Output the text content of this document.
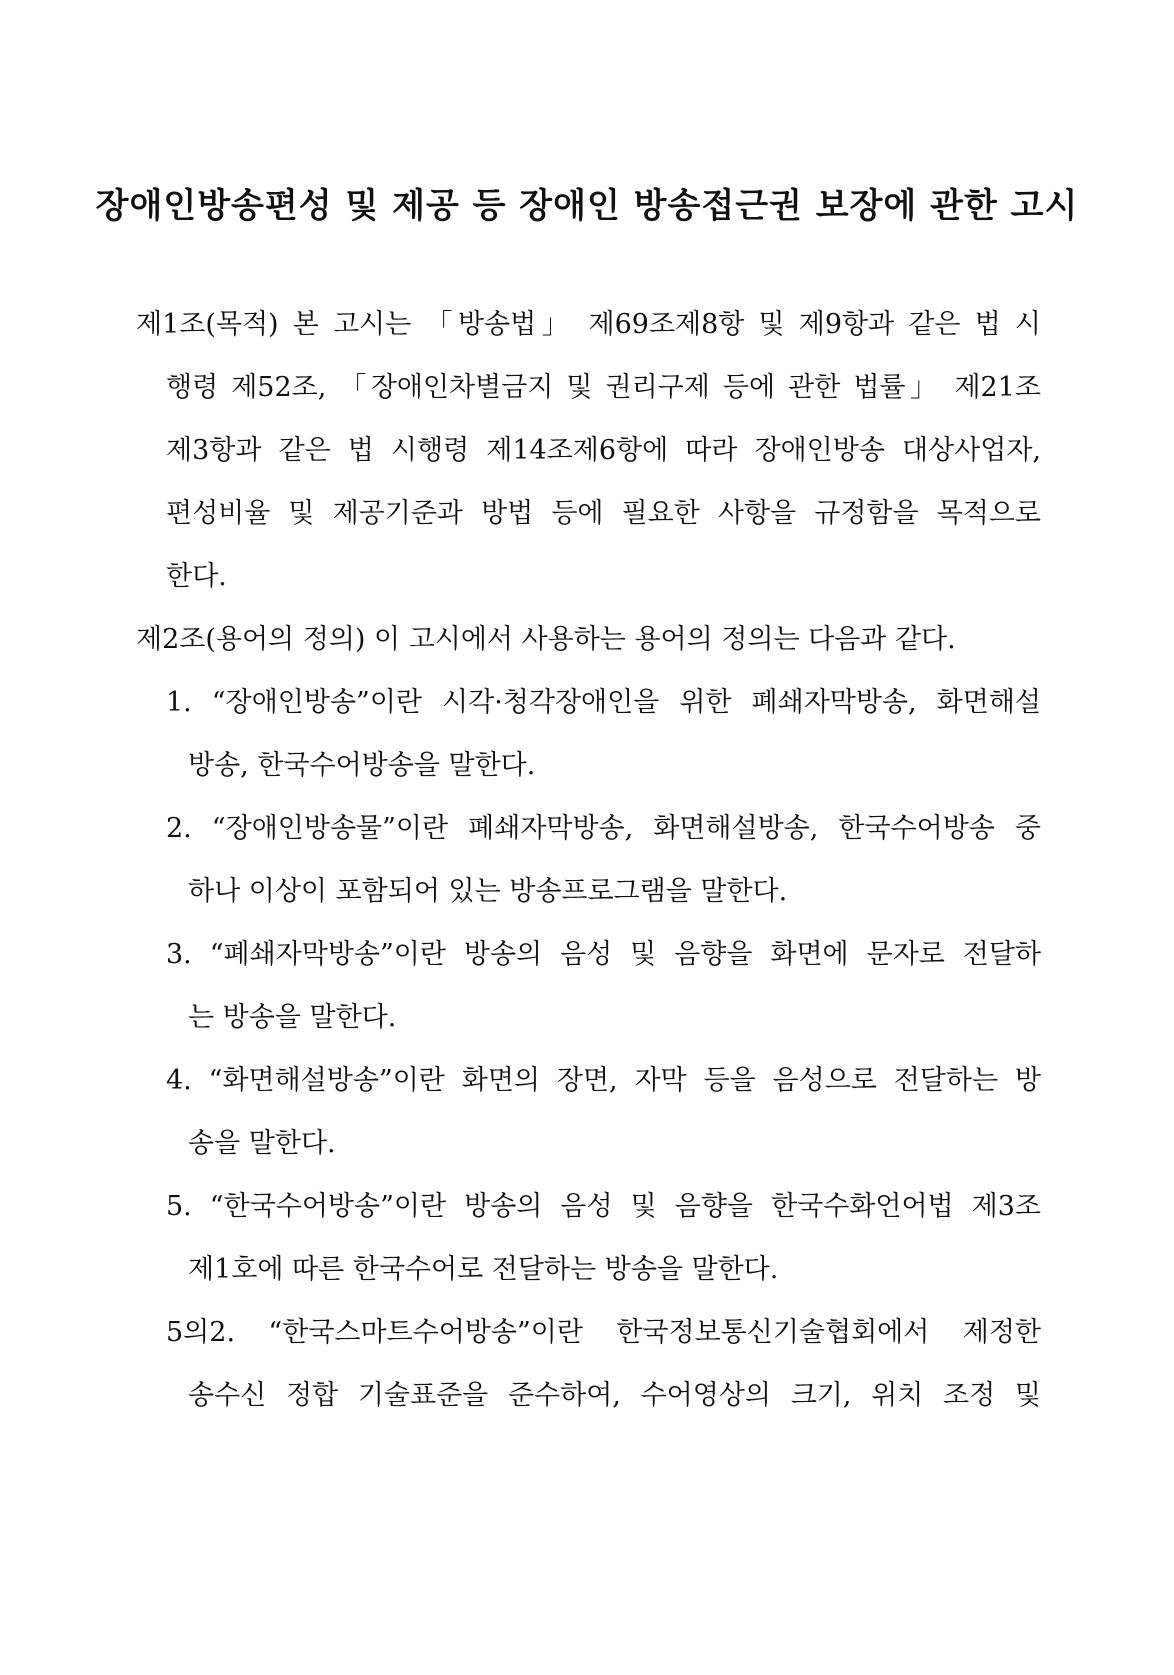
장애인방송편성 및 제공 등 장애인 방송접근권 보장에 관한 고시
제1조(목적) 본 고시는 「방송법」 제69조제8항 및 제9항과 같은 법 시
행령 제52조, 「장애인차별금지 및 권리구제 등에 관한 법률」 제21조
제3항과 같은 법 시행령 제14조제6항에 따라 장애인방송 대상사업자,
편성비율 및 제공기준과 방법 등에 필요한 사항을 규정함을 목적으로
한다.
제2조(용어의 정의) 이 고시에서 사용하는 용어의 정의는 다음과 같다.
1. “장애인방송”이란 시각·청각장애인을 위한 폐쇄자막방송, 화면해설
방송, 한국수어방송을 말한다.
2. “장애인방송물”이란 폐쇄자막방송, 화면해설방송, 한국수어방송 중
하나 이상이 포함되어 있는 방송프로그램을 말한다.
3. “폐쇄자막방송”이란 방송의 음성 및 음향을 화면에 문자로 전달하
는 방송을 말한다.
4. “화면해설방송”이란 화면의 장면, 자막 등을 음성으로 전달하는 방
송을 말한다.
5. “한국수어방송”이란 방송의 음성 및 음향을 한국수화언어법 제3조
제1호에 따른 한국수어로 전달하는 방송을 말한다.
5의2. “한국스마트수어방송”이란 한국정보통신기술협회에서 제정한
송수신 정합 기술표준을 준수하여, 수어영상의 크기, 위치 조정 및
